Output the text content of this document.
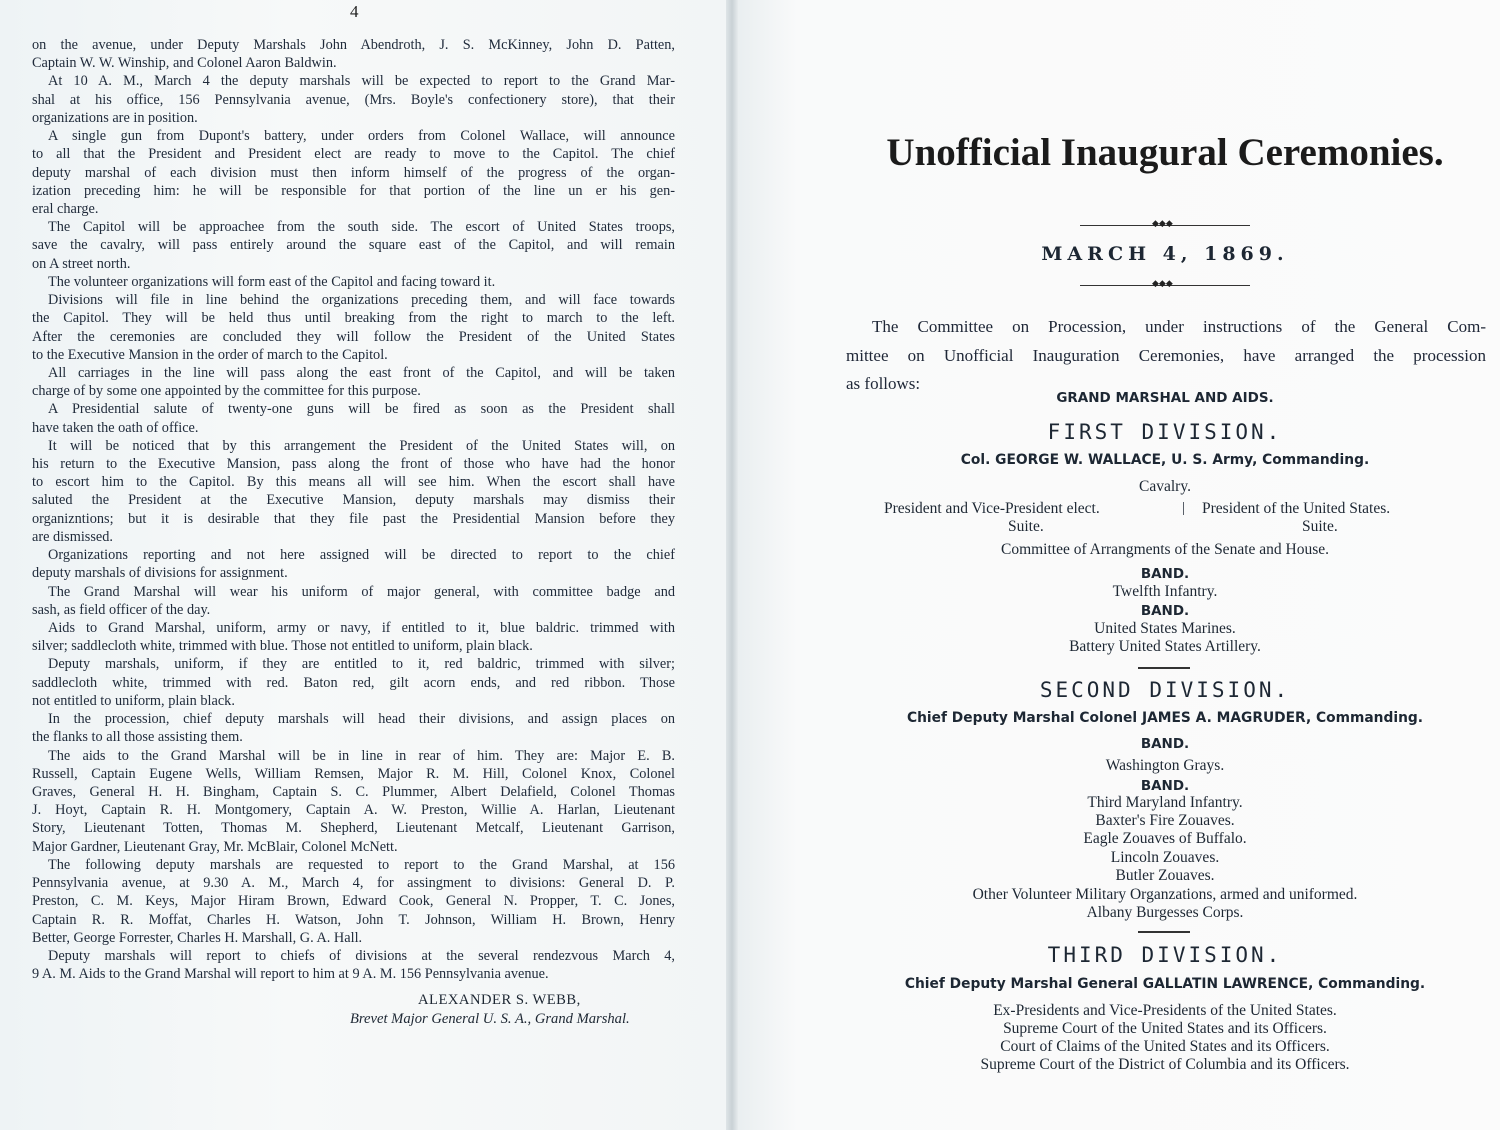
4
on the avenue, under Deputy Marshals John Abendroth, J. S. McKinney, John D. Patten,
Captain W. W. Winship, and Colonel Aaron Baldwin.
At 10 A. M., March 4 the deputy marshals will be expected to report to the Grand Mar-
shal at his office, 156 Pennsylvania avenue, (Mrs. Boyle's confectionery store), that their
organizations are in position.
A single gun from Dupont's battery, under orders from Colonel Wallace, will announce
to all that the President and President elect are ready to move to the Capitol. The chief
deputy marshal of each division must then inform himself of the progress of the organ-
ization preceding him: he will be responsible for that portion of the line un er his gen-
eral charge.
The Capitol will be approachee from the south side. The escort of United States troops,
save the cavalry, will pass entirely around the square east of the Capitol, and will remain
on A street north.
The volunteer organizations will form east of the Capitol and facing toward it.
Divisions will file in line behind the organizations preceding them, and will face towards
the Capitol. They will be held thus until breaking from the right to march to the left.
After the ceremonies are concluded they will follow the President of the United States
to the Executive Mansion in the order of march to the Capitol.
All carriages in the line will pass along the east front of the Capitol, and will be taken
charge of by some one appointed by the committee for this purpose.
A Presidential salute of twenty-one guns will be fired as soon as the President shall
have taken the oath of office.
It will be noticed that by this arrangement the President of the United States will, on
his return to the Executive Mansion, pass along the front of those who have had the honor
to escort him to the Capitol. By this means all will see him. When the escort shall have
saluted the President at the Executive Mansion, deputy marshals may dismiss their
organizntions; but it is desirable that they file past the Presidential Mansion before they
are dismissed.
Organizations reporting and not here assigned will be directed to report to the chief
deputy marshals of divisions for assignment.
The Grand Marshal will wear his uniform of major general, with committee badge and
sash, as field officer of the day.
Aids to Grand Marshal, uniform, army or navy, if entitled to it, blue baldric. trimmed with
silver; saddlecloth white, trimmed with blue. Those not entitled to uniform, plain black.
Deputy marshals, uniform, if they are entitled to it, red baldric, trimmed with silver;
saddlecloth white, trimmed with red. Baton red, gilt acorn ends, and red ribbon. Those
not entitled to uniform, plain black.
In the procession, chief deputy marshals will head their divisions, and assign places on
the flanks to all those assisting them.
The aids to the Grand Marshal will be in line in rear of him. They are: Major E. B.
Russell, Captain Eugene Wells, William Remsen, Major R. M. Hill, Colonel Knox, Colonel
Graves, General H. H. Bingham, Captain S. C. Plummer, Albert Delafield, Colonel Thomas
J. Hoyt, Captain R. H. Montgomery, Captain A. W. Preston, Willie A. Harlan, Lieutenant
Story, Lieutenant Totten, Thomas M. Shepherd, Lieutenant Metcalf, Lieutenant Garrison,
Major Gardner, Lieutenant Gray, Mr. McBlair, Colonel McNett.
The following deputy marshals are requested to report to the Grand Marshal, at 156
Pennsylvania avenue, at 9.30 A. M., March 4, for assingment to divisions: General D. P.
Preston, C. M. Keys, Major Hiram Brown, Edward Cook, General N. Propper, T. C. Jones,
Captain R. R. Moffat, Charles H. Watson, John T. Johnson, William H. Brown, Henry
Better, George Forrester, Charles H. Marshall, G. A. Hall.
Deputy marshals will report to chiefs of divisions at the several rendezvous March 4,
9 A. M. Aids to the Grand Marshal will report to him at 9 A. M. 156 Pennsylvania avenue.
ALEXANDER S. WEBB,
Brevet Major General U. S. A., Grand Marshal.
Unofficial Inaugural Ceremonies.
◆◆◆
MARCH 4, 1869.
◆◆◆
The Committee on Procession, under instructions of the General Com-
mittee on Unofficial Inauguration Ceremonies, have arranged the procession
as follows:
GRAND MARSHAL AND AIDS.
FIRST DIVISION.
Col. GEORGE W. WALLACE, U. S. Army, Commanding.
Cavalry.
President and Vice-President elect.	| President of the United States.
Suite.	Suite.
Committee of Arrangments of the Senate and House.
BAND.
Twelfth Infantry.
BAND.
United States Marines.
Battery United States Artillery.
SECOND DIVISION.
Chief Deputy Marshal Colonel JAMES A. MAGRUDER, Commanding.
BAND.
Washington Grays.
BAND.
Third Maryland Infantry.
Baxter's Fire Zouaves.
Eagle Zouaves of Buffalo.
Lincoln Zouaves.
Butler Zouaves.
Other Volunteer Military Organzations, armed and uniformed.
Albany Burgesses Corps.
THIRD DIVISION.
Chief Deputy Marshal General GALLATIN LAWRENCE, Commanding.
Ex-Presidents and Vice-Presidents of the United States.
Supreme Court of the United States and its Officers.
Court of Claims of the United States and its Officers.
Supreme Court of the District of Columbia and its Officers.
